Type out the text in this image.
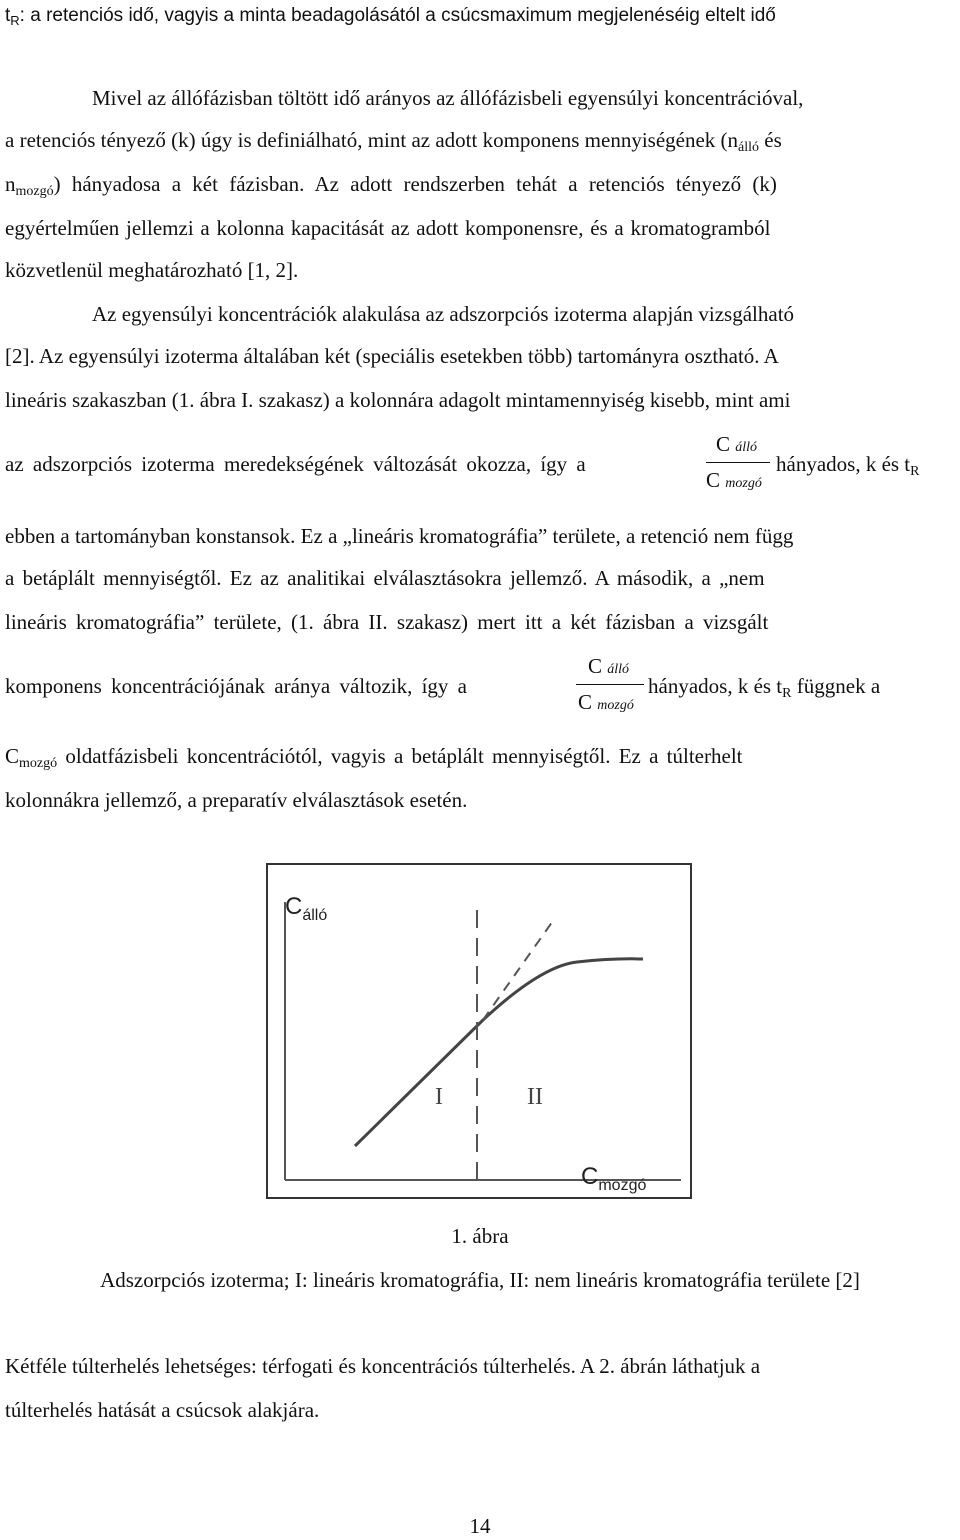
$t_R$: a retenciós idő, vagyis a minta beadagolásától a csúcsmaximum megjelenéséig eltelt idő
Mivel az állófázisban töltött idő arányos az állófázisbeli egyensúlyi koncentrációval,
a retenciós tényező (k) úgy is definiálható, mint az adott komponens mennyiségének ($n_{álló}$ és
$n_{mozgó}$) hányadosa a két fázisban. Az adott rendszerben tehát a retenciós tényező (k)
egyértelműen jellemzi a kolonna kapacitását az adott komponensre, és a kromatogramból
közvetlenül meghatározható [1, 2].
Az egyensúlyi koncentrációk alakulása az adszorpciós izoterma alapján vizsgálható
[2]. Az egyensúlyi izoterma általában két (speciális esetekben több) tartományra osztható. A
lineáris szakaszban (1. ábra I. szakasz) a kolonnára adagolt mintamennyiség kisebb, mint ami
az adszorpciós izoterma meredekségének változását okozza, így a
C álló
C mozgó
hányados, k és $t_R$
ebben a tartományban konstansok. Ez a „lineáris kromatográfia” területe, a retenció nem függ
a betáplált mennyiségtől. Ez az analitikai elválasztásokra jellemző. A második, a „nem
lineáris kromatográfia” területe, (1. ábra II. szakasz) mert itt a két fázisban a vizsgált
komponens koncentrációjának aránya változik, így a
C álló
C mozgó
hányados, k és $t_R$ függnek a
$C_{mozgó}$ oldatfázisbeli koncentrációtól, vagyis a betáplált mennyiségtől. Ez a túlterhelt
kolonnákra jellemző, a preparatív elválasztások esetén.
$C_{álló}$
$C_{mozgó}$
I	II
1. ábra
Adszorpciós izoterma; I: lineáris kromatográfia, II: nem lineáris kromatográfia területe [2]
Kétféle túlterhelés lehetséges: térfogati és koncentrációs túlterhelés. A 2. ábrán láthatjuk a
túlterhelés hatását a csúcsok alakjára.
14
